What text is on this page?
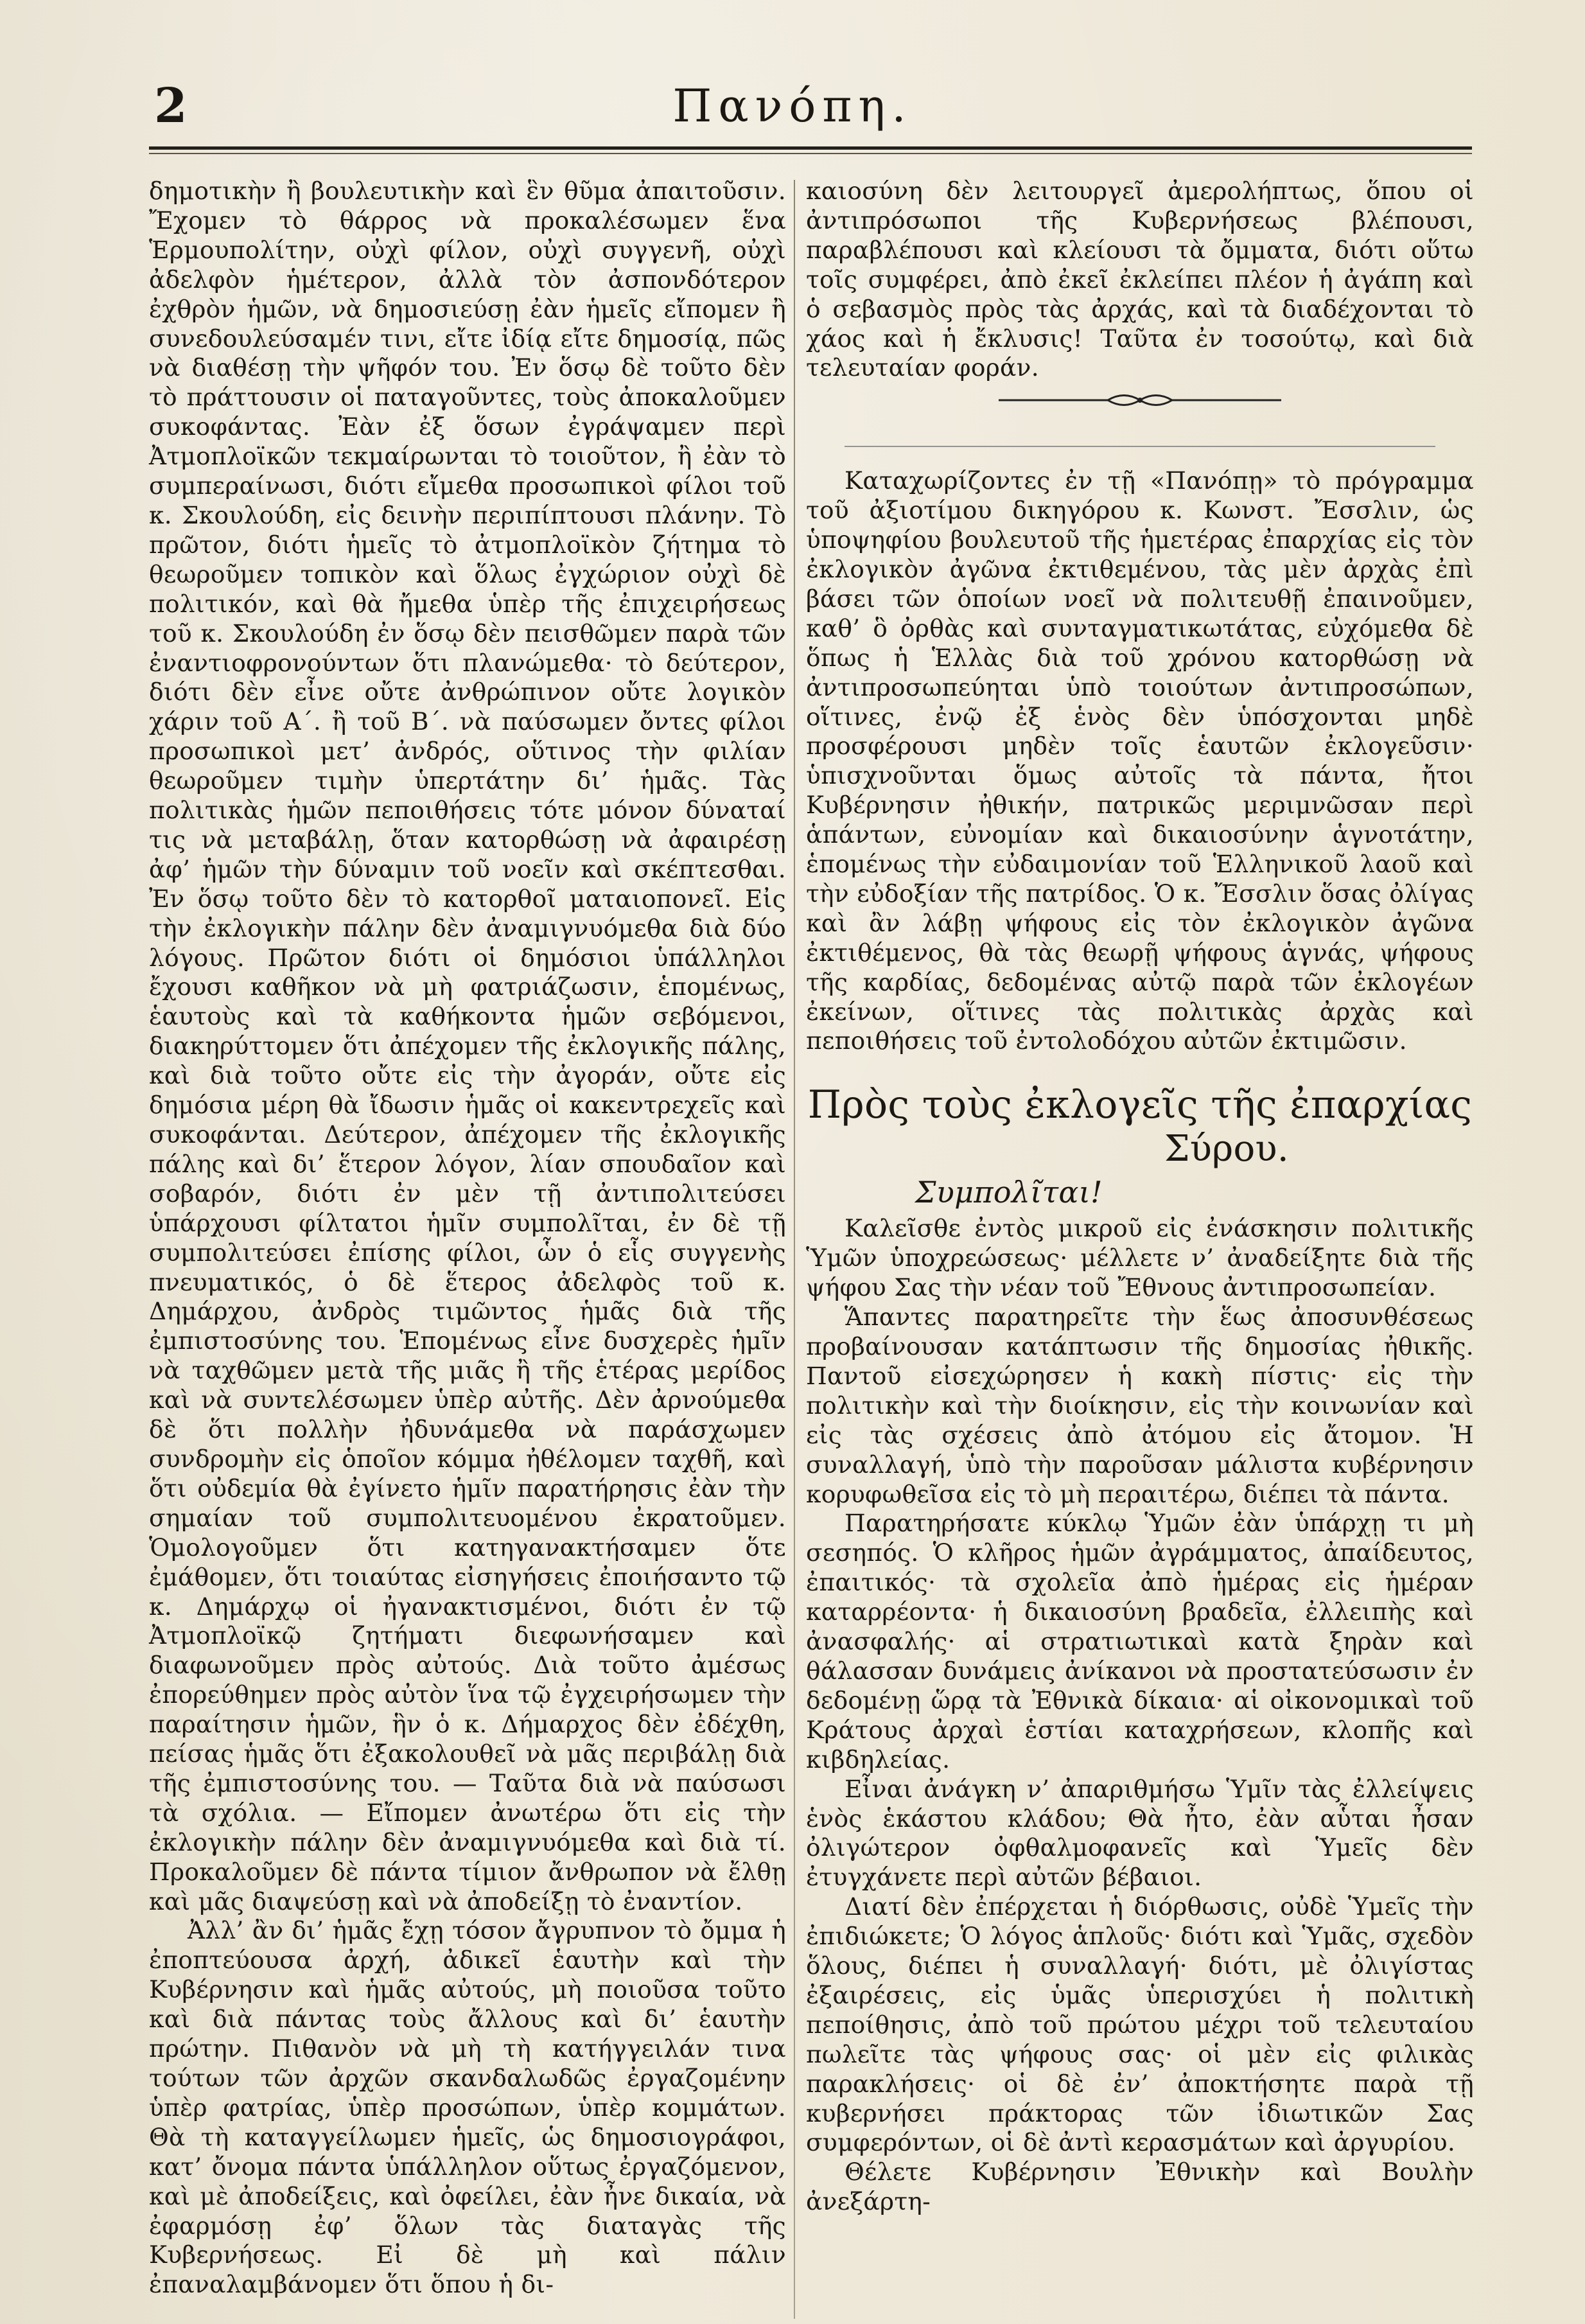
2	Πανόπη.

δημοτικὴν ἢ βουλευτικὴν καὶ ἓν θῦμα ἀπαιτοῦσιν. Ἔχομεν τὸ θάρρος νὰ προκαλέσωμεν ἕνα Ἑρμουπολίτην, οὐχὶ φίλον, οὐχὶ συγγενῆ, οὐχὶ ἀδελφὸν ἡμέτερον, ἀλλὰ τὸν ἀσπονδότερον ἐχθρὸν ἡμῶν, νὰ δημοσιεύσῃ ἐὰν ἡμεῖς εἴπομεν ἢ συνεδουλεύσαμέν τινι, εἴτε ἰδίᾳ εἴτε δημοσίᾳ, πῶς νὰ διαθέσῃ τὴν ψῆφόν του. Ἐν ὅσῳ δὲ τοῦτο δὲν τὸ πράττουσιν οἱ παταγοῦντες, τοὺς ἀποκαλοῦμεν συκοφάντας. Ἐὰν ἐξ ὅσων ἐγράψαμεν περὶ Ἀτμοπλοϊκῶν τεκμαίρωνται τὸ τοιοῦτον, ἢ ἐὰν τὸ συμπεραίνωσι, διότι εἴμεθα προσωπικοὶ φίλοι τοῦ κ. Σκουλούδη, εἰς δεινὴν περιπίπτουσι πλάνην. Τὸ πρῶτον, διότι ἡμεῖς τὸ ἀτμοπλοϊκὸν ζήτημα τὸ θεωροῦμεν τοπικὸν καὶ ὅλως ἐγχώριον οὐχὶ δὲ πολιτικόν, καὶ θὰ ἤμεθα ὑπὲρ τῆς ἐπιχειρήσεως τοῦ κ. Σκουλούδη ἐν ὅσῳ δὲν πεισθῶμεν παρὰ τῶν ἐναντιοφρονούντων ὅτι πλανώμεθα· τὸ δεύτερον, διότι δὲν εἶνε οὔτε ἀνθρώπινον οὔτε λογικὸν χάριν τοῦ Α΄. ἢ τοῦ Β΄. νὰ παύσωμεν ὄντες φίλοι προσωπικοὶ μετ’ ἀνδρός, οὕτινος τὴν φιλίαν θεωροῦμεν τιμὴν ὑπερτάτην δι’ ἡμᾶς. Τὰς πολιτικὰς ἡμῶν πεποιθήσεις τότε μόνον δύναταί τις νὰ μεταβάλῃ, ὅταν κατορθώσῃ νὰ ἀφαιρέσῃ ἀφ’ ἡμῶν τὴν δύναμιν τοῦ νοεῖν καὶ σκέπτεσθαι. Ἐν ὅσῳ τοῦτο δὲν τὸ κατορθοῖ ματαιοπονεῖ. Εἰς τὴν ἐκλογικὴν πάλην δὲν ἀναμιγνυόμεθα διὰ δύο λόγους. Πρῶτον διότι οἱ δημόσιοι ὑπάλληλοι ἔχουσι καθῆκον νὰ μὴ φατριάζωσιν, ἑπομένως, ἑαυτοὺς καὶ τὰ καθήκοντα ἡμῶν σεβόμενοι, διακηρύττομεν ὅτι ἀπέχομεν τῆς ἐκλογικῆς πάλης, καὶ διὰ τοῦτο οὔτε εἰς τὴν ἀγοράν, οὔτε εἰς δημόσια μέρη θὰ ἴδωσιν ἡμᾶς οἱ κακεντρεχεῖς καὶ συκοφάνται. Δεύτερον, ἀπέχομεν τῆς ἐκλογικῆς πάλης καὶ δι’ ἕτερον λόγον, λίαν σπουδαῖον καὶ σοβαρόν, διότι ἐν μὲν τῇ ἀντιπολιτεύσει ὑπάρχουσι φίλτατοι ἡμῖν συμπολῖται, ἐν δὲ τῇ συμπολιτεύσει ἐπίσης φίλοι, ὧν ὁ εἷς συγγενὴς πνευματικός, ὁ δὲ ἕτερος ἀδελφὸς τοῦ κ. Δημάρχου, ἀνδρὸς τιμῶντος ἡμᾶς διὰ τῆς ἐμπιστοσύνης του. Ἑπομένως εἶνε δυσχερὲς ἡμῖν νὰ ταχθῶμεν μετὰ τῆς μιᾶς ἢ τῆς ἑτέρας μερίδος καὶ νὰ συντελέσωμεν ὑπὲρ αὐτῆς. Δὲν ἀρνούμεθα δὲ ὅτι πολλὴν ἠδυνάμεθα νὰ παράσχωμεν συνδρομὴν εἰς ὁποῖον κόμμα ἠθέλομεν ταχθῆ, καὶ ὅτι οὐδεμία θὰ ἐγίνετο ἡμῖν παρατήρησις ἐὰν τὴν σημαίαν τοῦ συμπολιτευομένου ἐκρατοῦμεν. Ὁμολογοῦμεν ὅτι κατηγανακτήσαμεν ὅτε ἐμάθομεν, ὅτι τοιαύτας εἰσηγήσεις ἐποιήσαντο τῷ κ. Δημάρχῳ οἱ ἠγανακτισμένοι, διότι ἐν τῷ Ἀτμοπλοϊκῷ ζητήματι διεφωνήσαμεν καὶ διαφωνοῦμεν πρὸς αὐτούς. Διὰ τοῦτο ἀμέσως ἐπορεύθημεν πρὸς αὐτὸν ἵνα τῷ ἐγχειρήσωμεν τὴν παραίτησιν ἡμῶν, ἣν ὁ κ. Δήμαρχος δὲν ἐδέχθη, πείσας ἡμᾶς ὅτι ἐξακολουθεῖ νὰ μᾶς περιβάλῃ διὰ τῆς ἐμπιστοσύνης του. — Ταῦτα διὰ νὰ παύσωσι τὰ σχόλια. — Εἴπομεν ἀνωτέρω ὅτι εἰς τὴν ἐκλογικὴν πάλην δὲν ἀναμιγνυόμεθα καὶ διὰ τί. Προκαλοῦμεν δὲ πάντα τίμιον ἄνθρωπον νὰ ἔλθῃ καὶ μᾶς διαψεύσῃ καὶ νὰ ἀποδείξῃ τὸ ἐναντίον.

Ἀλλ’ ἂν δι’ ἡμᾶς ἔχῃ τόσον ἄγρυπνον τὸ ὄμμα ἡ ἐποπτεύουσα ἀρχή, ἀδικεῖ ἑαυτὴν καὶ τὴν Κυβέρνησιν καὶ ἡμᾶς αὐτούς, μὴ ποιοῦσα τοῦτο καὶ διὰ πάντας τοὺς ἄλλους καὶ δι’ ἑαυτὴν πρώτην. Πιθανὸν νὰ μὴ τὴ κατήγγειλάν τινα τούτων τῶν ἀρχῶν σκανδαλωδῶς ἐργαζομένην ὑπὲρ φατρίας, ὑπὲρ προσώπων, ὑπὲρ κομμάτων. Θὰ τὴ καταγγείλωμεν ἡμεῖς, ὡς δημοσιογράφοι, κατ’ ὄνομα πάντα ὑπάλληλον οὕτως ἐργαζόμενον, καὶ μὲ ἀποδείξεις, καὶ ὀφείλει, ἐὰν ἦνε δικαία, νὰ ἐφαρμόσῃ ἐφ’ ὅλων τὰς διαταγὰς τῆς Κυβερνήσεως. Εἰ δὲ μὴ καὶ πάλιν ἐπαναλαμβάνομεν ὅτι ὅπου ἡ δι-

καιοσύνη δὲν λειτουργεῖ ἀμερολήπτως, ὅπου οἱ ἀντιπρόσωποι τῆς Κυβερνήσεως βλέπουσι, παραβλέπουσι καὶ κλείουσι τὰ ὄμματα, διότι οὕτω τοῖς συμφέρει, ἀπὸ ἐκεῖ ἐκλείπει πλέον ἡ ἀγάπη καὶ ὁ σεβασμὸς πρὸς τὰς ἀρχάς, καὶ τὰ διαδέχονται τὸ χάος καὶ ἡ ἔκλυσις! Ταῦτα ἐν τοσούτῳ, καὶ διὰ τελευταίαν φοράν.

Καταχωρίζοντες ἐν τῇ «Πανόπῃ» τὸ πρόγραμμα τοῦ ἀξιοτίμου δικηγόρου κ. Κωνστ. Ἔσσλιν, ὡς ὑποψηφίου βουλευτοῦ τῆς ἡμετέρας ἐπαρχίας εἰς τὸν ἐκλογικὸν ἀγῶνα ἐκτιθεμένου, τὰς μὲν ἀρχὰς ἐπὶ βάσει τῶν ὁποίων νοεῖ νὰ πολιτευθῇ ἐπαινοῦμεν, καθ’ ὃ ὀρθὰς καὶ συνταγματικωτάτας, εὐχόμεθα δὲ ὅπως ἡ Ἑλλὰς διὰ τοῦ χρόνου κατορθώσῃ νὰ ἀντιπροσωπεύηται ὑπὸ τοιούτων ἀντιπροσώπων, οἵτινες, ἐνῷ ἐξ ἑνὸς δὲν ὑπόσχονται μηδὲ προσφέρουσι μηδὲν τοῖς ἑαυτῶν ἐκλογεῦσιν· ὑπισχνοῦνται ὅμως αὐτοῖς τὰ πάντα, ἤτοι Κυβέρνησιν ἠθικήν, πατρικῶς μεριμνῶσαν περὶ ἁπάντων, εὐνομίαν καὶ δικαιοσύνην ἁγνοτάτην, ἑπομένως τὴν εὐδαιμονίαν τοῦ Ἑλληνικοῦ λαοῦ καὶ τὴν εὐδοξίαν τῆς πατρίδος. Ὁ κ. Ἔσσλιν ὅσας ὀλίγας καὶ ἂν λάβῃ ψήφους εἰς τὸν ἐκλογικὸν ἀγῶνα ἐκτιθέμενος, θὰ τὰς θεωρῇ ψήφους ἁγνάς, ψήφους τῆς καρδίας, δεδομένας αὐτῷ παρὰ τῶν ἐκλογέων ἐκείνων, οἵτινες τὰς πολιτικὰς ἀρχὰς καὶ πεποιθήσεις τοῦ ἐντολοδόχου αὐτῶν ἐκτιμῶσιν.

Πρὸς τοὺς ἐκλογεῖς τῆς ἐπαρχίας
Σύρου.
Συμπολῖται!

Καλεῖσθε ἐντὸς μικροῦ εἰς ἐνάσκησιν πολιτικῆς Ὑμῶν ὑποχρεώσεως· μέλλετε ν’ ἀναδείξητε διὰ τῆς ψήφου Σας τὴν νέαν τοῦ Ἔθνους ἀντιπροσωπείαν.

Ἅπαντες παρατηρεῖτε τὴν ἕως ἀποσυνθέσεως προβαίνουσαν κατάπτωσιν τῆς δημοσίας ἠθικῆς. Παντοῦ εἰσεχώρησεν ἡ κακὴ πίστις· εἰς τὴν πολιτικὴν καὶ τὴν διοίκησιν, εἰς τὴν κοινωνίαν καὶ εἰς τὰς σχέσεις ἀπὸ ἀτόμου εἰς ἄτομον. Ἡ συναλλαγή, ὑπὸ τὴν παροῦσαν μάλιστα κυβέρνησιν κορυφωθεῖσα εἰς τὸ μὴ περαιτέρω, διέπει τὰ πάντα.

Παρατηρήσατε κύκλῳ Ὑμῶν ἐὰν ὑπάρχῃ τι μὴ σεσηπός. Ὁ κλῆρος ἡμῶν ἀγράμματος, ἀπαίδευτος, ἐπαιτικός· τὰ σχολεῖα ἀπὸ ἡμέρας εἰς ἡμέραν καταρρέοντα· ἡ δικαιοσύνη βραδεῖα, ἐλλειπὴς καὶ ἀνασφαλής· αἱ στρατιωτικαὶ κατὰ ξηρὰν καὶ θάλασσαν δυνάμεις ἀνίκανοι νὰ προστατεύσωσιν ἐν δεδομένῃ ὥρᾳ τὰ Ἐθνικὰ δίκαια· αἱ οἰκονομικαὶ τοῦ Κράτους ἀρχαὶ ἑστίαι καταχρήσεων, κλοπῆς καὶ κιβδηλείας.

Εἶναι ἀνάγκη ν’ ἀπαριθμήσω Ὑμῖν τὰς ἐλλείψεις ἑνὸς ἑκάστου κλάδου; Θὰ ἦτο, ἐὰν αὗται ἦσαν ὀλιγώτερον ὀφθαλμοφανεῖς καὶ Ὑμεῖς δὲν ἐτυγχάνετε περὶ αὐτῶν βέβαιοι.

Διατί δὲν ἐπέρχεται ἡ διόρθωσις, οὐδὲ Ὑμεῖς τὴν ἐπιδιώκετε; Ὁ λόγος ἁπλοῦς· διότι καὶ Ὑμᾶς, σχεδὸν ὅλους, διέπει ἡ συναλλαγή· διότι, μὲ ὀλιγίστας ἐξαιρέσεις, εἰς ὑμᾶς ὑπερισχύει ἡ πολιτικὴ πεποίθησις, ἀπὸ τοῦ πρώτου μέχρι τοῦ τελευταίου πωλεῖτε τὰς ψήφους σας· οἱ μὲν εἰς φιλικὰς παρακλήσεις· οἱ δὲ ἐν’ ἀποκτήσητε παρὰ τῇ κυβερνήσει πράκτορας τῶν ἰδιωτικῶν Σας συμφερόντων, οἱ δὲ ἀντὶ κερασμάτων καὶ ἀργυρίου.

Θέλετε Κυβέρνησιν Ἐθνικὴν καὶ Βουλὴν ἀνεξάρτη-
